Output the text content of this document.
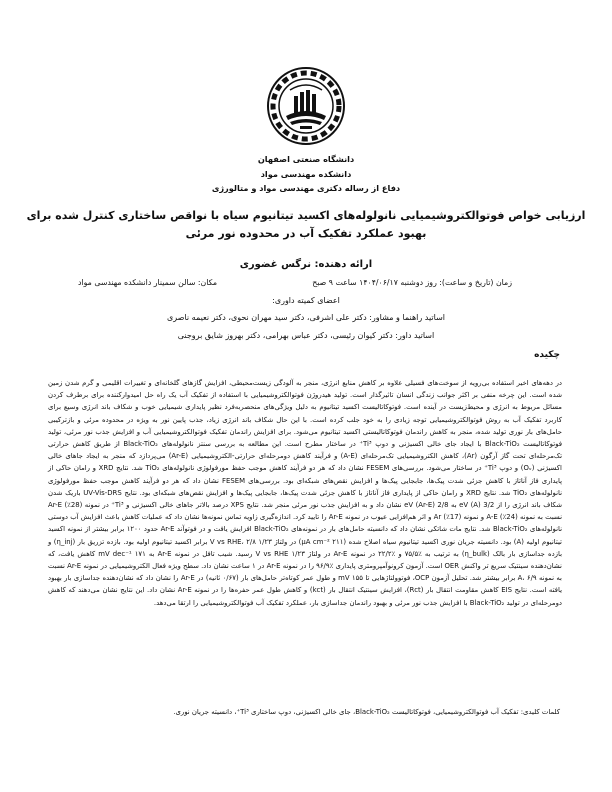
دانشگاه صنعتی اصفهان
دانشکده مهندسی مواد
دفاع از رساله دکتری مهندسی مواد و متالورژی
ارزیابی خواص فوتوالکتروشیمیایی نانولوله‌های اکسید تیتانیوم سیاه با نواقص ساختاری کنترل شده برای
بهبود عملکرد تفکیک آب در محدوده نور مرئی
ارائه دهنده: نرگس غضوری
زمان (تاریخ و ساعت): روز دوشنبه ۱۴۰۴/۰۶/۱۷ ساعت ۹ صبح
مکان: سالن سمینار دانشکده مهندسی مواد
اعضای کمیته داوری:
اساتید راهنما و مشاور: دکتر علی اشرفی، دکتر سید مهران نحوی، دکتر نعیمه ناصری
اساتید داور: دکتر کیوان رئیسی، دکتر عباس بهرامی، دکتر بهروز شایق بروجنی
چکیده

در دهه‌های اخیر استفاده بی‌رویه از سوخت‌های فسیلی علاوه بر کاهش منابع انرژی، منجر به آلودگی زیست‌محیطی، افزایش گازهای گلخانه‌ای و تغییرات اقلیمی و گرم شدن زمین شده است. این چرخه منفی بر اکثر جوانب زندگی انسان تاثیرگذار است. تولید هیدروژن فوتوالکتروشیمیایی با استفاده از تفکیک آب یک راه حل امیدوارکننده برای برطرف کردن مسائل مربوط به انرژی و محیط‌زیست در آینده است. فوتوکاتالیست اکسید تیتانیوم به دلیل ویژگی‌های منحصربه‌فرد نظیر پایداری شیمیایی خوب و شکاف باند انرژی وسیع برای کاربرد تفکیک آب به روش فوتوالکتروشیمیایی توجه زیادی را به خود جلب کرده است. با این حال شکاف باند انرژی زیاد، جذب پایین نور به ویژه در محدوده مرئی و بازترکیبی حامل‌های بار نوری تولید شده، منجر به کاهش راندمان فوتوکاتالیستی اکسید تیتانیوم می‌شود. برای افزایش راندمان تفکیک فوتوالکتروشیمیایی آب و افزایش جذب نور مرئی، تولید فوتوکاتالیست Black-TiO₂ با ایجاد جای خالی اکسیژنی و دوپ Ti³⁺ در ساختار مطرح است. این مطالعه به بررسی سنتز نانولوله‌های Black-TiO₂ از طریق کاهش حرارتی تک‌مرحله‌ای تحت گاز آرگون (Ar)، کاهش الکتروشیمیایی تک‌مرحله‌ای (A-E) و فرآیند کاهش دومرحله‌ای حرارتی-الکتروشیمیایی (Ar-E) می‌پردازد که منجر به ایجاد جاهای خالی اکسیژنی (Oᵥ) و دوپ Ti³⁺ در ساختار می‌شود. بررسی‌های FESEM نشان داد که هر دو فرآیند کاهش موجب حفظ مورفولوژی نانولوله‌های TiO₂ شد. نتایج XRD و رامان حاکی از پایداری فاز آناتاز با کاهش جزئی شدت پیک‌ها، جابجایی پیک‌ها و افزایش نقص‌های شبکه‌ای بود. بررسی‌های FESEM نشان داد که هر دو فرآیند کاهش موجب حفظ مورفولوژی نانولوله‌های TiO₂ شد. نتایج XRD و رامان حاکی از پایداری فاز آناتاز با کاهش جزئی شدت پیک‌ها، جابجایی پیک‌ها و افزایش نقص‌های شبکه‌ای بود. نتایج UV-Vis-DRS باریک شدن شکاف باند انرژی را از 3/2 eV (A) به 2/8 eV (Ar-E) نشان داد و به افزایش جذب نور مرئی منجر شد. نتایج XPS درصد بالاتر جاهای خالی اکسیژنی و Ti³⁺ در نمونه Ar-E (٪28) نسبت به نمونه A-E (٪24) و نمونه Ar (٪17) و اثر هم‌افزایی عیوب در نمونه Ar-E را تایید کرد. اندازه‌گیری زاویه تماس نمونه‌ها نشان داد که عملیات کاهش باعث افزایش آب دوستی نانولوله‌های Black-TiO₂ شد. نتایج مات شاتکی نشان داد که دانسیته حامل‌های بار در نمونه‌های Black-TiO₂ افزایش یافت و در فوتوآند Ar-E حدود ۱۲۰۰ برابر بیشتر از نمونه اکسید تیتانیوم اولیه (A) بود. دانسیته جریان نوری اکسید تیتانیوم سیاه اصلاح شده (۲۱۱ μA cm⁻²) در ولتاژ ۱/۲۳ V vs RHE، ۲/۸ برابر اکسید تیتانیوم اولیه بود. بازده تزریق بار (η_inj) و بازده جداسازی بار بالک (η_bulk) به ترتیب به ٪۷۵/۵ و ٪۲۲/۲ در نمونه Ar-E در ولتاژ ۱/۲۳ V vs RHE رسید. شیب تافل در نمونه Ar-E به ۱۷۱ mV dec⁻¹ کاهش یافت، که نشان‌دهنده سینتیک سریع تر واکنش OER است. آزمون کرونوآمپرومتری پایداری ٪۹۶/۹ را در نمونه Ar-E در ۱ ساعت نشان داد. سطح ویژه فعال الکتروشیمیایی در نمونه Ar-E نسبت به نمونه A، ۶/۹ برابر بیشتر شد. تحلیل آزمون OCP، فوتوولتاژهایی تا ۱۵۵ mV و طول عمر کوتاه‌تر حامل‌های بار (۰/۶۷ ثانیه) در Ar-E را نشان داد که نشان‌دهنده جداسازی بار بهبود یافته است. نتایج EIS کاهش مقاومت انتقال بار (Rct)، افزایش سینتیک انتقال بار (kct) و کاهش طول عمر حفره‌ها را در نمونه Ar-E نشان داد. این نتایج نشان می‌دهند که کاهش دومرحله‌ای در تولید Black-TiO₂ با افزایش جذب نور مرئی و بهبود راندمان جداسازی بار، عملکرد تفکیک آب فوتوالکتروشیمیایی را ارتقا می‌دهد.

کلمات کلیدی: تفکیک آب فوتوالکتروشیمیایی، فوتوکاتالیست Black-TiO₂، جای خالی اکسیژنی، دوپ ساختاری Ti³⁺، دانسیته جریان نوری.
